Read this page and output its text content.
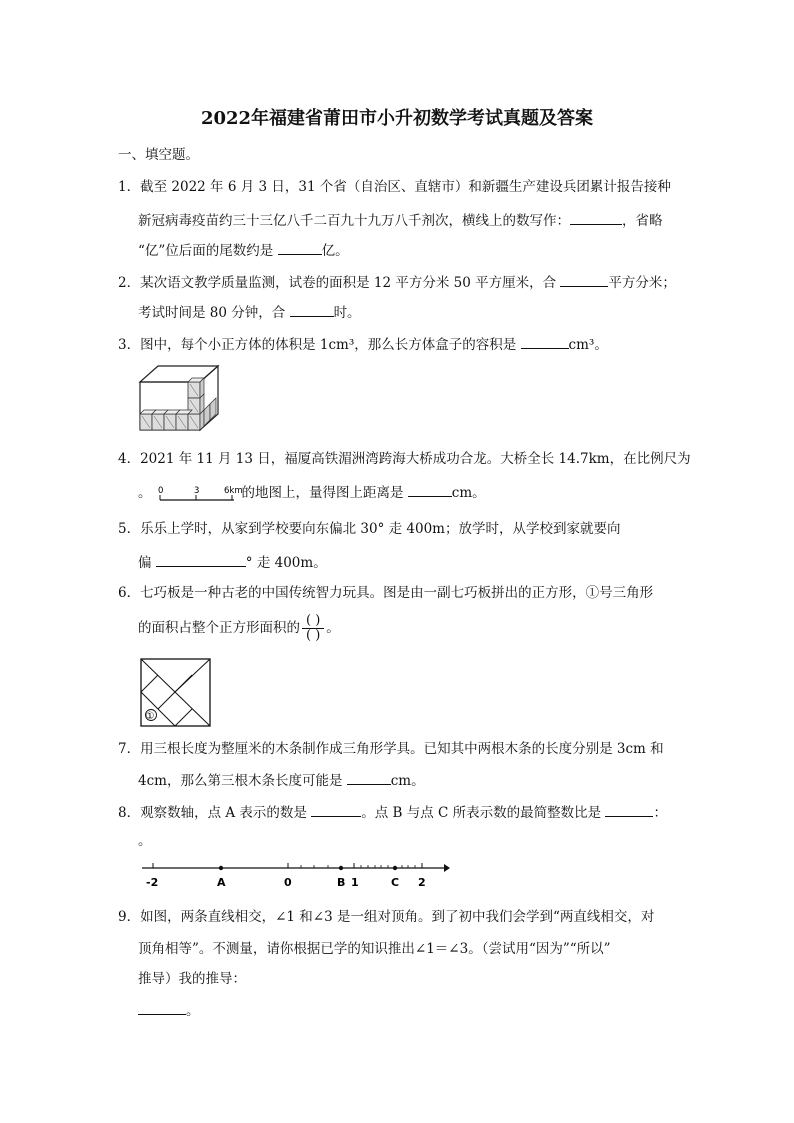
2022年福建省莆田市小升初数学考试真题及答案
一、填空题。
1．截至 2022 年 6 月 3 日，31 个省（自治区、直辖市）和新疆生产建设兵团累计报告接种
新冠病毒疫苗约三十三亿八千二百九十九万八千剂次，横线上的数写作：	，省略
“亿”位后面的尾数约是	亿。
2．某次语文教学质量监测，试卷的面积是 12 平方分米 50 平方厘米，合	平方分米；
考试时间是 80 分钟，合	时。
3．图中，每个小正方体的体积是 1cm³，那么长方体盒子的容积是	cm³。
4．2021 年 11 月 13 日，福厦高铁湄洲湾跨海大桥成功合龙。大桥全长 14.7km，在比例尺为
。 0	3	6km 的地图上，量得图上距离是	cm。
5．乐乐上学时，从家到学校要向东偏北 30° 走 400m；放学时，从学校到家就要向
偏	° 走 400m。
6．七巧板是一种古老的中国传统智力玩具。图是由一副七巧板拼出的正方形，①号三角形
的面积占整个正方形面积的 $\frac{( )}{( )}$ 。
①
7．用三根长度为整厘米的木条制作成三角形学具。已知其中两根木条的长度分别是 3cm 和
4cm，那么第三根木条长度可能是	cm。
8．观察数轴，点 A 表示的数是	。点 B 与点 C 所表示数的最简整数比是	：
。
-2	A	0	B 1	C 2
9．如图，两条直线相交，∠1 和∠3 是一组对顶角。到了初中我们会学到“两直线相交，对
顶角相等”。不测量，请你根据已学的知识推出∠1＝∠3。（尝试用“因为”“所以”
推导）我的推导：
。
